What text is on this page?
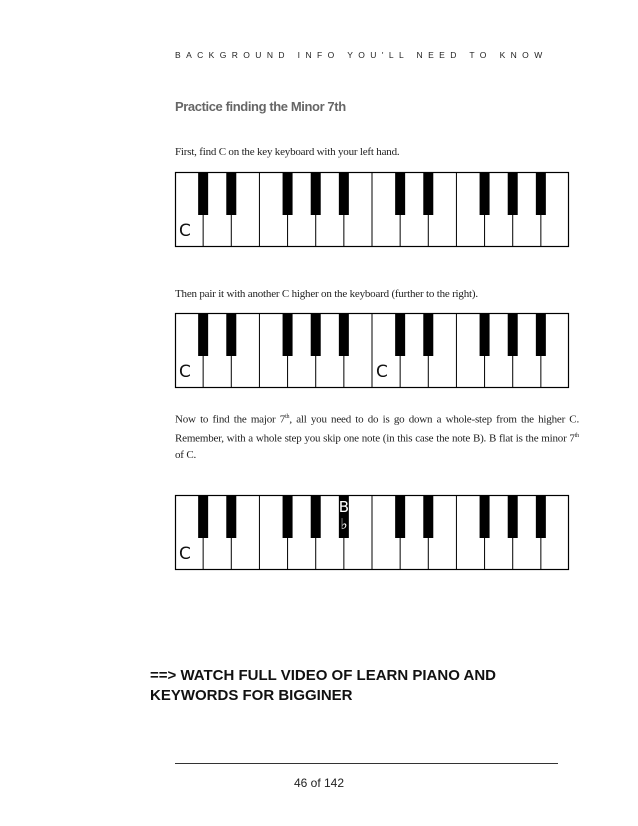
BACKGROUND INFO YOU'LL NEED TO KNOW
Practice finding the Minor 7th
First, find C on the key keyboard with your left hand.
C
Then pair it with another C higher on the keyboard (further to the right).
C	C
Now to find the major 7th, all you need to do is go down a whole-step from the higher C. Remember, with a whole step you skip one note (in this case the note B). B flat is the minor 7th of C.
C
B
♭
==> WATCH FULL VIDEO OF LEARN PIANO AND
KEYWORDS FOR BIGGINER
46 of 142
